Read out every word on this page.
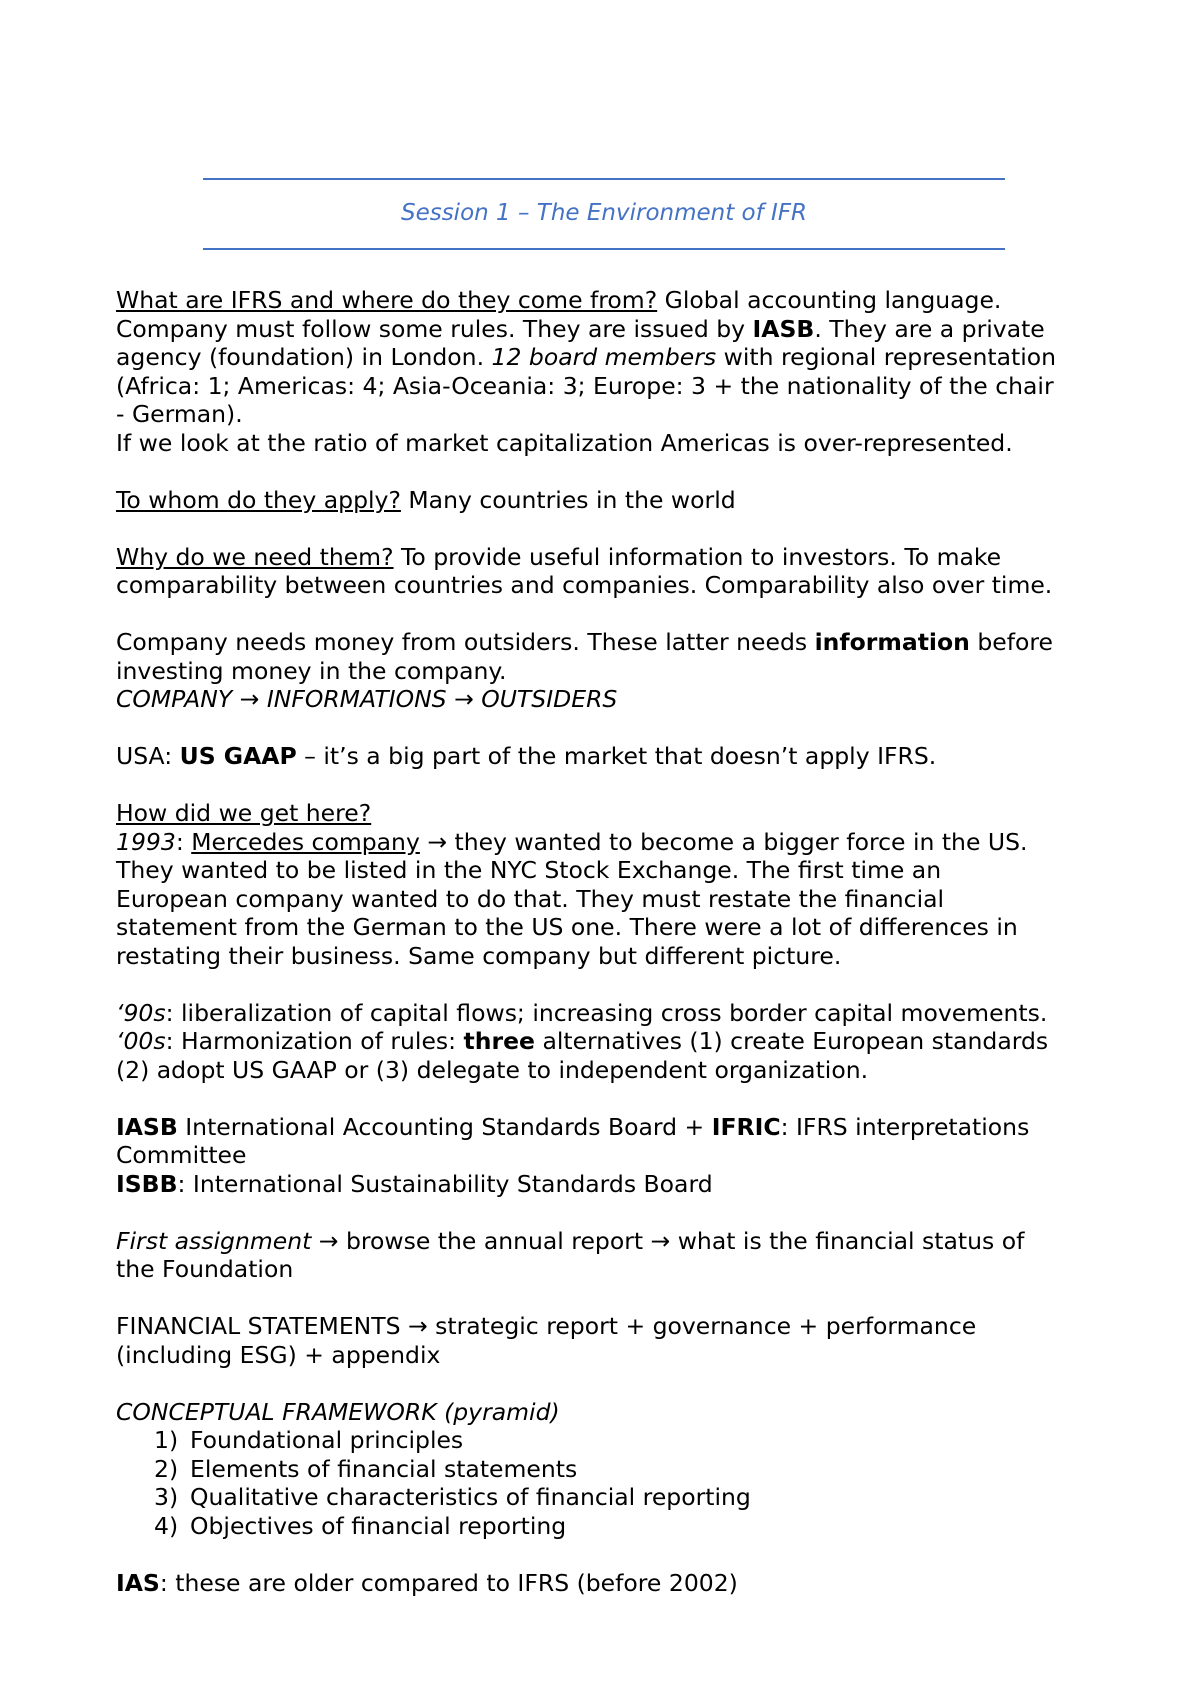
Session 1 – The Environment of IFR
What are IFRS and where do they come from? Global accounting language.
Company must follow some rules. They are issued by IASB. They are a private
agency (foundation) in London. 12 board members with regional representation
(Africa: 1; Americas: 4; Asia-Oceania: 3; Europe: 3 + the nationality of the chair
- German).
If we look at the ratio of market capitalization Americas is over-represented.
To whom do they apply? Many countries in the world
Why do we need them? To provide useful information to investors. To make
comparability between countries and companies. Comparability also over time.
Company needs money from outsiders. These latter needs information before
investing money in the company.
COMPANY → INFORMATIONS → OUTSIDERS
USA: US GAAP – it’s a big part of the market that doesn’t apply IFRS.
How did we get here?
1993: Mercedes company → they wanted to become a bigger force in the US.
They wanted to be listed in the NYC Stock Exchange. The first time an
European company wanted to do that. They must restate the financial
statement from the German to the US one. There were a lot of differences in
restating their business. Same company but different picture.
‘90s: liberalization of capital flows; increasing cross border capital movements.
‘00s: Harmonization of rules: three alternatives (1) create European standards
(2) adopt US GAAP or (3) delegate to independent organization.
IASB International Accounting Standards Board + IFRIC: IFRS interpretations
Committee
ISBB: International Sustainability Standards Board
First assignment → browse the annual report → what is the financial status of
the Foundation
FINANCIAL STATEMENTS → strategic report + governance + performance
(including ESG) + appendix
CONCEPTUAL FRAMEWORK (pyramid)
1) Foundational principles
2) Elements of financial statements
3) Qualitative characteristics of financial reporting
4) Objectives of financial reporting
IAS: these are older compared to IFRS (before 2002)
